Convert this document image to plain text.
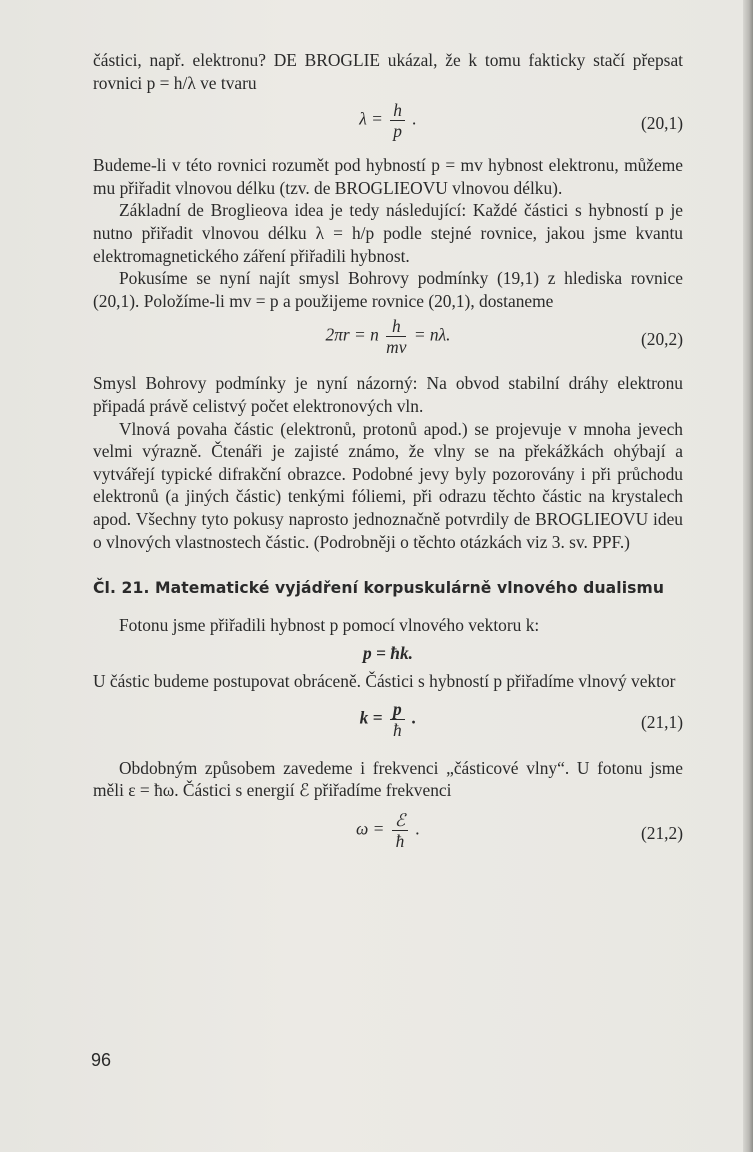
částici, např. elektronu? DE BROGLIE ukázal, že k tomu fakticky stačí přepsat rovnici p = h/λ ve tvaru

$\lambda = \frac{h}{p}$ .	(20,1)

Budeme-li v této rovnici rozumět pod hybností p = mv hybnost elektronu, můžeme mu přiřadit vlnovou délku (tzv. de BROGLIEOVU vlnovou délku).

Základní de Broglieova idea je tedy následující: Každé částici s hybností p je nutno přiřadit vlnovou délku λ = h/p podle stejné rovnice, jakou jsme kvantu elektromagnetického záření přiřadili hybnost.

Pokusíme se nyní najít smysl Bohrovy podmínky (19,1) z hlediska rovnice (20,1). Položíme-li mv = p a použijeme rovnice (20,1), dostaneme

2πr = n $\frac{h}{mv} = n\lambda$.	(20,2)

Smysl Bohrovy podmínky je nyní názorný: Na obvod stabilní dráhy elektronu připadá právě celistvý počet elektronových vln.

Vlnová povaha částic (elektronů, protonů apod.) se projevuje v mnoha jevech velmi výrazně. Čtenáři je zajisté známo, že vlny se na překážkách ohýbají a vytvářejí typické difrakční obrazce. Podobné jevy byly pozorovány i při průchodu elektronů (a jiných částic) tenkými fóliemi, při odrazu těchto částic na krystalech apod. Všechny tyto pokusy naprosto jednoznačně potvrdily de BROGLIEOVU ideu o vlnových vlastnostech částic. (Podrobněji o těchto otázkách viz 3. sv. PPF.)

Čl. 21. Matematické vyjádření korpuskulárně vlnového dualismu

Fotonu jsme přiřadili hybnost p pomocí vlnového vektoru k:

p = ħk.

U částic budeme postupovat obráceně. Částici s hybností p přiřadíme vlnový vektor

$k = \frac{p}{ħ}$ .	(21,1)

Obdobným způsobem zavedeme i frekvenci „částicové vlny“. U fotonu jsme měli ε = ħω. Částici s energií ℰ přiřadíme frekvenci

$\omega = \frac{\text{ℰ}}{ħ}$ .	(21,2)
96
